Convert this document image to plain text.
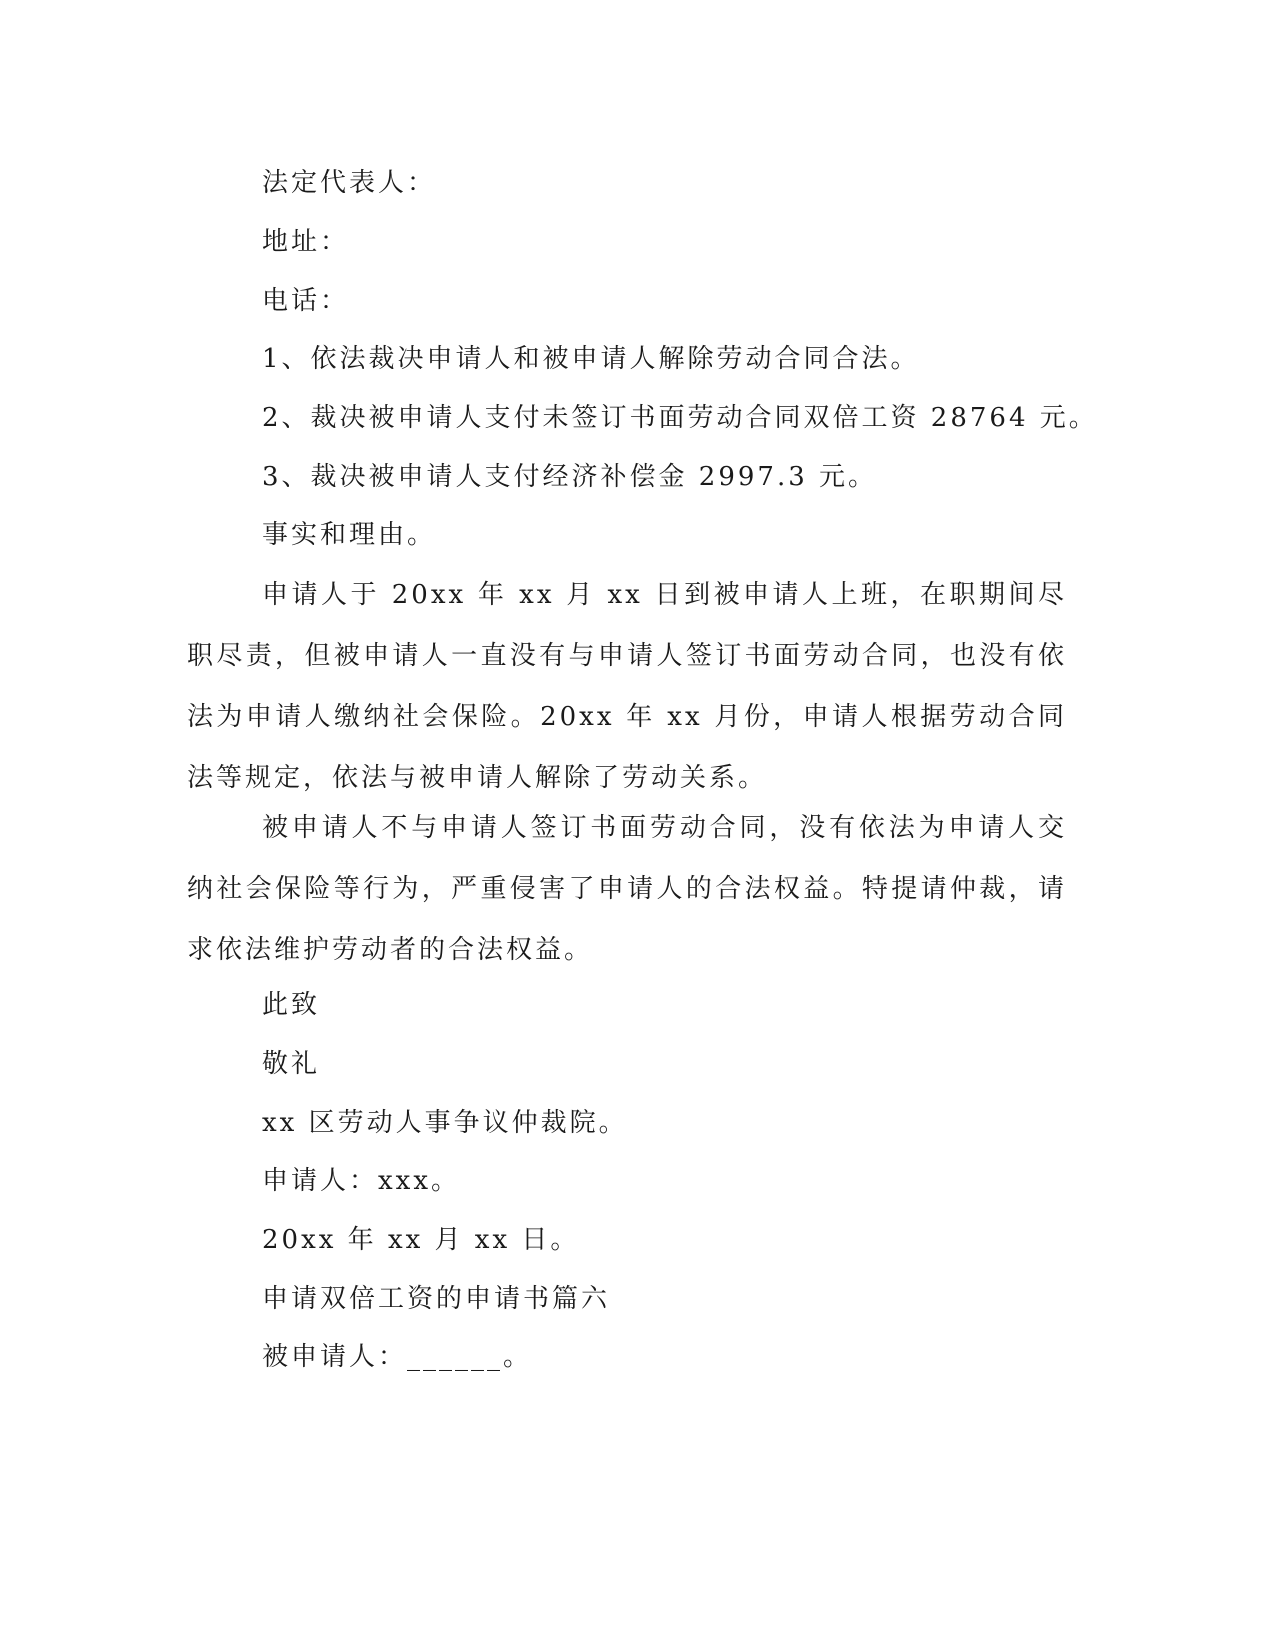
法定代表人：
地址：
电话：
1、依法裁决申请人和被申请人解除劳动合同合法。
2、裁决被申请人支付未签订书面劳动合同双倍工资 28764 元。
3、裁决被申请人支付经济补偿金 2997.3 元。
事实和理由。
申请人于 20xx 年 xx 月 xx 日到被申请人上班，在职期间尽职尽责，但被申请人一直没有与申请人签订书面劳动合同，也没有依法为申请人缴纳社会保险。20xx 年 xx 月份，申请人根据劳动合同法等规定，依法与被申请人解除了劳动关系。
被申请人不与申请人签订书面劳动合同，没有依法为申请人交纳社会保险等行为，严重侵害了申请人的合法权益。特提请仲裁，请求依法维护劳动者的合法权益。
此致
敬礼
xx 区劳动人事争议仲裁院。
申请人：xxx。
20xx 年 xx 月 xx 日。
申请双倍工资的申请书篇六
被申请人：______。
